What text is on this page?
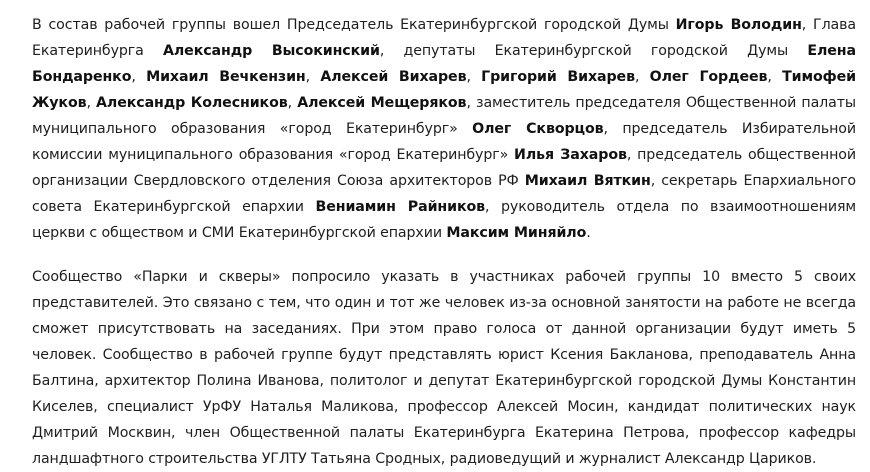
В состав рабочей группы вошел Председатель Екатеринбургской городской Думы Игорь Володин, Глава Екатеринбурга Александр Высокинский, депутаты Екатеринбургской городской Думы Елена Бондаренко, Михаил Вечкензин, Алексей Вихарев, Григорий Вихарев, Олег Гордеев, Тимофей Жуков, Александр Колесников, Алексей Мещеряков, заместитель председателя Общественной палаты муниципального образования «город Екатеринбург» Олег Скворцов, председатель Избирательной комиссии муниципального образования «город Екатеринбург» Илья Захаров, председатель общественной организации Свердловского отделения Союза архитекторов РФ Михаил Вяткин, секретарь Епархиального совета Екатеринбургской епархии Вениамин Райников, руководитель отдела по взаимоотношениям церкви с обществом и СМИ Екатеринбургской епархии Максим Миняйло.

Сообщество «Парки и скверы» попросило указать в участниках рабочей группы 10 вместо 5 своих представителей. Это связано с тем, что один и тот же человек из-за основной занятости на работе не всегда сможет присутствовать на заседаниях. При этом право голоса от данной организации будут иметь 5 человек. Сообщество в рабочей группе будут представлять юрист Ксения Бакланова, преподаватель Анна Балтина, архитектор Полина Иванова, политолог и депутат Екатеринбургской городской Думы Константин Киселев, специалист УрФУ Наталья Маликова, профессор Алексей Мосин, кандидат политических наук Дмитрий Москвин, член Общественной палаты Екатеринбурга Екатерина Петрова, профессор кафедры ландшафтного строительства УГЛТУ Татьяна Сродных, радиоведущий и журналист Александр Цариков.
